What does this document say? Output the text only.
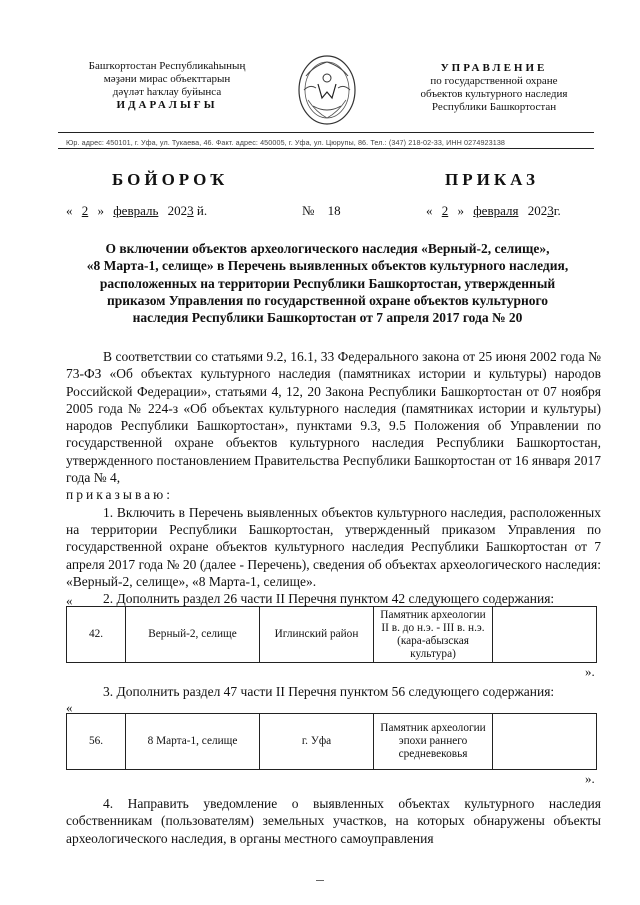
Башҡортостан Республикаһының
мәҙәни мирас объекттарын
дәүләт һаҡлау буйынса
ИДАРАЛЫҒЫ
УПРАВЛЕНИЕ
по государственной охране
объектов культурного наследия
Республики Башкортостан
Юр. адрес: 450101, г. Уфа, ул. Тукаева, 46. Факт. адрес: 450005, г. Уфа, ул. Цюрупы, 86. Тел.: (347) 218-02-33, ИНН 0274923138
БОЙОРОҠ	ПРИКАЗ
« 2 » февраль 2023 й.	№ 18	« 2 » февраля 2023г.
О включении объектов археологического наследия «Верный-2, селище»,
«8 Марта-1, селище» в Перечень выявленных объектов культурного наследия,
расположенных на территории Республики Башкортостан, утвержденный
приказом Управления по государственной охране объектов культурного
наследия Республики Башкортостан от 7 апреля 2017 года № 20

В соответствии со статьями 9.2, 16.1, 33 Федерального закона от 25 июня 2002 года № 73-ФЗ «Об объектах культурного наследия (памятниках истории и культуры) народов Российской Федерации», статьями 4, 12, 20 Закона Республики Башкортостан от 07 ноября 2005 года № 224-з «Об объектах культурного наследия (памятниках истории и культуры) народов Республики Башкортостан», пунктами 9.3, 9.5 Положения об Управлении по государственной охране объектов культурного наследия Республики Башкортостан, утвержденного постановлением Правительства Республики Башкортостан от 16 января 2017 года № 4,

приказываю:

1. Включить в Перечень выявленных объектов культурного наследия, расположенных на территории Республики Башкортостан, утвержденный приказом Управления по государственной охране объектов культурного наследия Республики Башкортостан от 7 апреля 2017 года № 20 (далее - Перечень), сведения об объектах археологического наследия: «Верный-2, селище», «8 Марта-1, селище».

2. Дополнить раздел 26 части II Перечня пунктом 42 следующего содержания:

«
42.	Верный-2, селище	Иглинский район	Памятник археологии II в. до н.э. - III в. н.э. (кара-абызская культура)	
».

3. Дополнить раздел 47 части II Перечня пунктом 56 следующего содержания:

«
56.	8 Марта-1, селище	г. Уфа	Памятник археологии эпохи раннего средневековья	
».

4. Направить уведомление о выявленных объектах культурного наследия собственникам (пользователям) земельных участков, на которых обнаружены объекты археологического наследия, в органы местного самоуправления
